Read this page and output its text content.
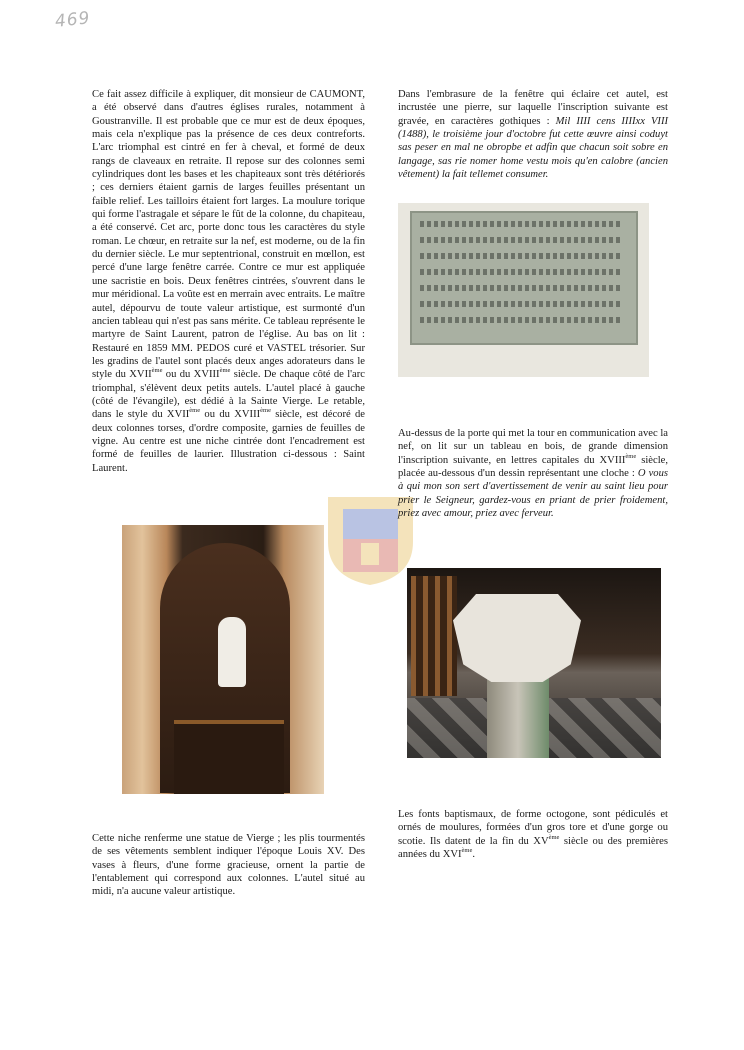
469
Ce fait assez difficile à expliquer, dit monsieur de CAUMONT, a été observé dans d'autres églises rurales, notamment à Goustranville. Il est probable que ce mur est de deux époques, mais cela n'explique pas la présence de ces deux contreforts. L'arc triomphal est cintré en fer à cheval, et formé de deux rangs de claveaux en retraite. Il repose sur des colonnes semi cylindriques dont les bases et les chapiteaux sont très détériorés ; ces derniers étaient garnis de larges feuilles présentant un faible relief. Les tailloirs étaient fort larges. La moulure torique qui forme l'astragale et sépare le fût de la colonne, du chapiteau, a été conservé. Cet arc, porte donc tous les caractères du style roman. Le chœur, en retraite sur la nef, est moderne, ou de la fin du dernier siècle. Le mur septentrional, construit en mœllon, est percé d'une large fenêtre carrée. Contre ce mur est appliquée une sacristie en bois. Deux fenêtres cintrées, s'ouvrent dans le mur méridional. La voûte est en merrain avec entraits. Le maître autel, dépourvu de toute valeur artistique, est surmonté d'un ancien tableau qui n'est pas sans mérite. Ce tableau représente le martyre de Saint Laurent, patron de l'église. Au bas on lit : Restauré en 1859 MM. PEDOS curé et VASTEL trésorier. Sur les gradins de l'autel sont placés deux anges adorateurs dans le style du XVIIème ou du XVIIIème siècle. De chaque côté de l'arc triomphal, s'élèvent deux petits autels. L'autel placé à gauche (côté de l'évangile), est dédié à la Sainte Vierge. Le retable, dans le style du XVIIème ou du XVIIIème siècle, est décoré de deux colonnes torses, d'ordre composite, garnies de feuilles de vigne. Au centre est une niche cintrée dont l'encadrement est formé de feuilles de laurier. Illustration ci-dessous : Saint Laurent.
Dans l'embrasure de la fenêtre qui éclaire cet autel, est incrustée une pierre, sur laquelle l'inscription suivante est gravée, en caractères gothiques : Mil IIII cens IIIIxx VIII (1488), le troisième jour d'octobre fut cette œuvre ainsi coduyt sas peser en mal ne obropbe et adfin que chacun soit sobre en langage, sas rie nomer home vestu mois qu'en calobre (ancien vêtement) la fait tellemet consumer.
Au-dessus de la porte qui met la tour en communication avec la nef, on lit sur un tableau en bois, de grande dimension l'inscription suivante, en lettres capitales du XVIIIème siècle, placée au-dessous d'un dessin représentant une cloche : O vous à qui mon son sert d'avertissement de venir au saint lieu pour prier le Seigneur, gardez-vous en priant de prier froidement, priez avec amour, priez avec ferveur.
Les fonts baptismaux, de forme octogone, sont pédiculés et ornés de moulures, formées d'un gros tore et d'une gorge ou scotie. Ils datent de la fin du XVème siècle ou des premières années du XVIème.
Cette niche renferme une statue de Vierge ; les plis tourmentés de ses vêtements semblent indiquer l'époque Louis XV. Des vases à fleurs, d'une forme gracieuse, ornent la partie de l'entablement qui correspond aux colonnes. L'autel situé au midi, n'a aucune valeur artistique.
